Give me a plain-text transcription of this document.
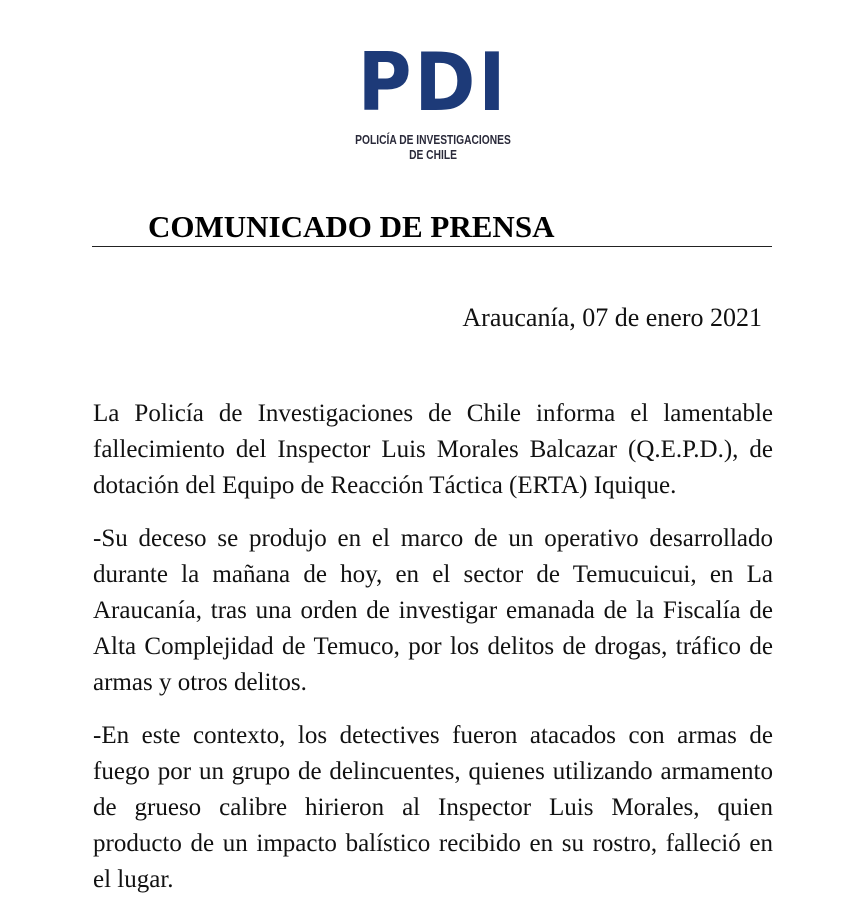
PDI
POLICÍA DE INVESTIGACIONES
DE CHILE
COMUNICADO DE PRENSA

Araucanía, 07 de enero 2021

La Policía de Investigaciones de Chile informa el lamentable fallecimiento del Inspector Luis Morales Balcazar (Q.E.P.D.), de dotación del Equipo de Reacción Táctica (ERTA) Iquique.

-Su deceso se produjo en el marco de un operativo desarrollado durante la mañana de hoy, en el sector de Temucuicui, en La Araucanía, tras una orden de investigar emanada de la Fiscalía de Alta Complejidad de Temuco, por los delitos de drogas, tráfico de armas y otros delitos.

-En este contexto, los detectives fueron atacados con armas de fuego por un grupo de delincuentes, quienes utilizando armamento de grueso calibre hirieron al Inspector Luis Morales, quien producto de un impacto balístico recibido en su rostro, falleció en el lugar.
